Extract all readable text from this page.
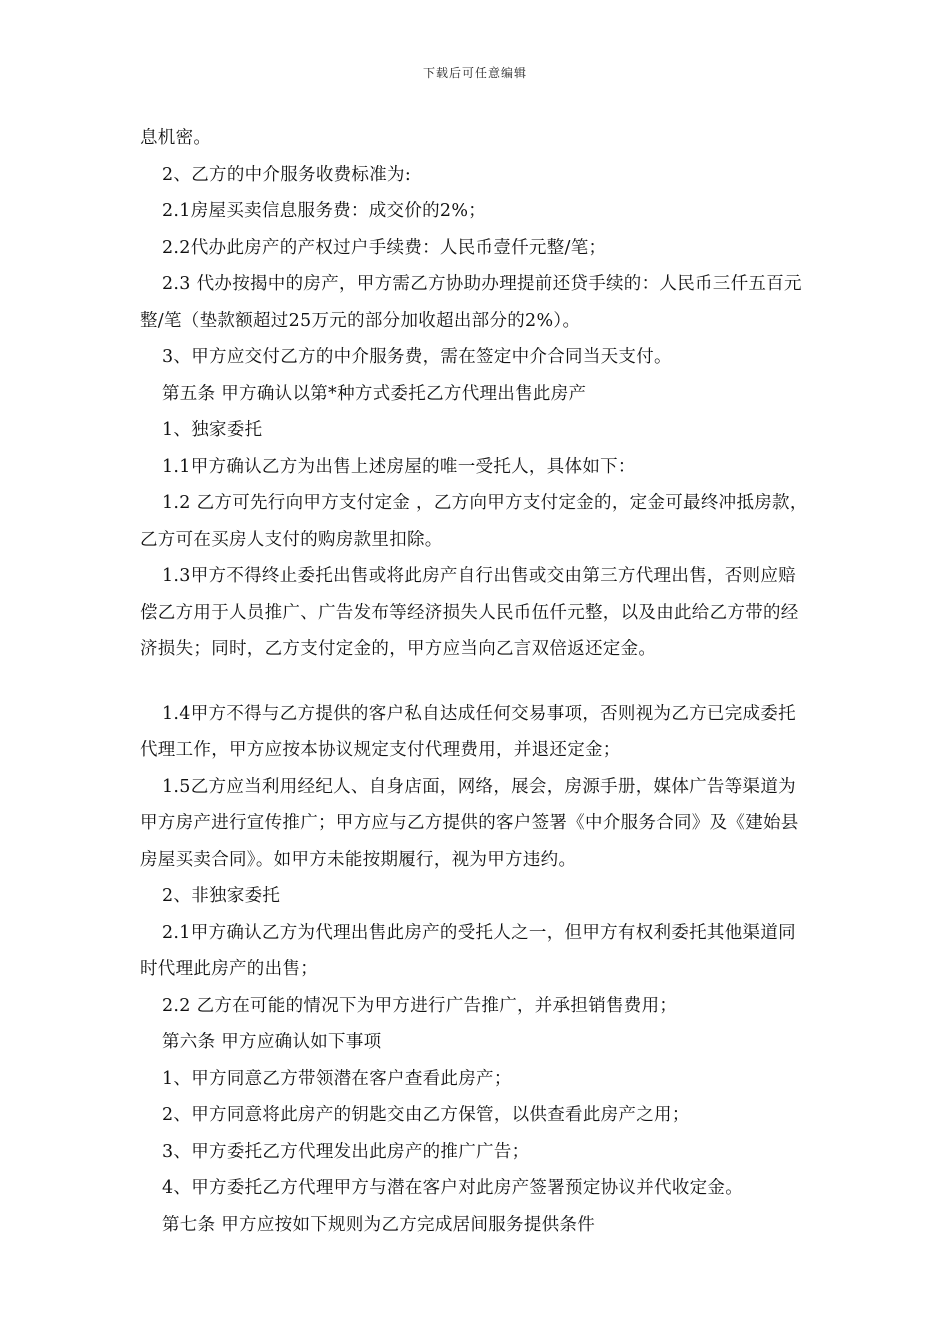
下载后可任意编辑

息机密。

2、乙方的中介服务收费标准为:

2.1房屋买卖信息服务费：成交价的2%；

2.2代办此房产的产权过户手续费：人民币壹仟元整/笔；

2.3 代办按揭中的房产，甲方需乙方协助办理提前还贷手续的：人民币三仟五百元整/笔（垫款额超过25万元的部分加收超出部分的2%）。

3、甲方应交付乙方的中介服务费，需在签定中介合同当天支付。

第五条 甲方确认以第*种方式委托乙方代理出售此房产

1、独家委托

1.1甲方确认乙方为出售上述房屋的唯一受托人，具体如下：

1.2 乙方可先行向甲方支付定金 ，乙方向甲方支付定金的，定金可最终冲抵房款，乙方可在买房人支付的购房款里扣除。

1.3甲方不得终止委托出售或将此房产自行出售或交由第三方代理出售，否则应赔偿乙方用于人员推广、广告发布等经济损失人民币伍仟元整，以及由此给乙方带的经济损失；同时，乙方支付定金的，甲方应当向乙言双倍返还定金。

1.4甲方不得与乙方提供的客户私自达成任何交易事项，否则视为乙方已完成委托代理工作，甲方应按本协议规定支付代理费用，并退还定金；

1.5乙方应当利用经纪人、自身店面，网络，展会，房源手册，媒体广告等渠道为甲方房产进行宣传推广；甲方应与乙方提供的客户签署《中介服务合同》及《建始县房屋买卖合同》。如甲方未能按期履行，视为甲方违约。

2、非独家委托

2.1甲方确认乙方为代理出售此房产的受托人之一，但甲方有权利委托其他渠道同时代理此房产的出售；

2.2 乙方在可能的情况下为甲方进行广告推广，并承担销售费用；

第六条 甲方应确认如下事项

1、甲方同意乙方带领潜在客户查看此房产；

2、甲方同意将此房产的钥匙交由乙方保管，以供查看此房产之用；

3、甲方委托乙方代理发出此房产的推广广告；

4、甲方委托乙方代理甲方与潜在客户对此房产签署预定协议并代收定金。

第七条 甲方应按如下规则为乙方完成居间服务提供条件
